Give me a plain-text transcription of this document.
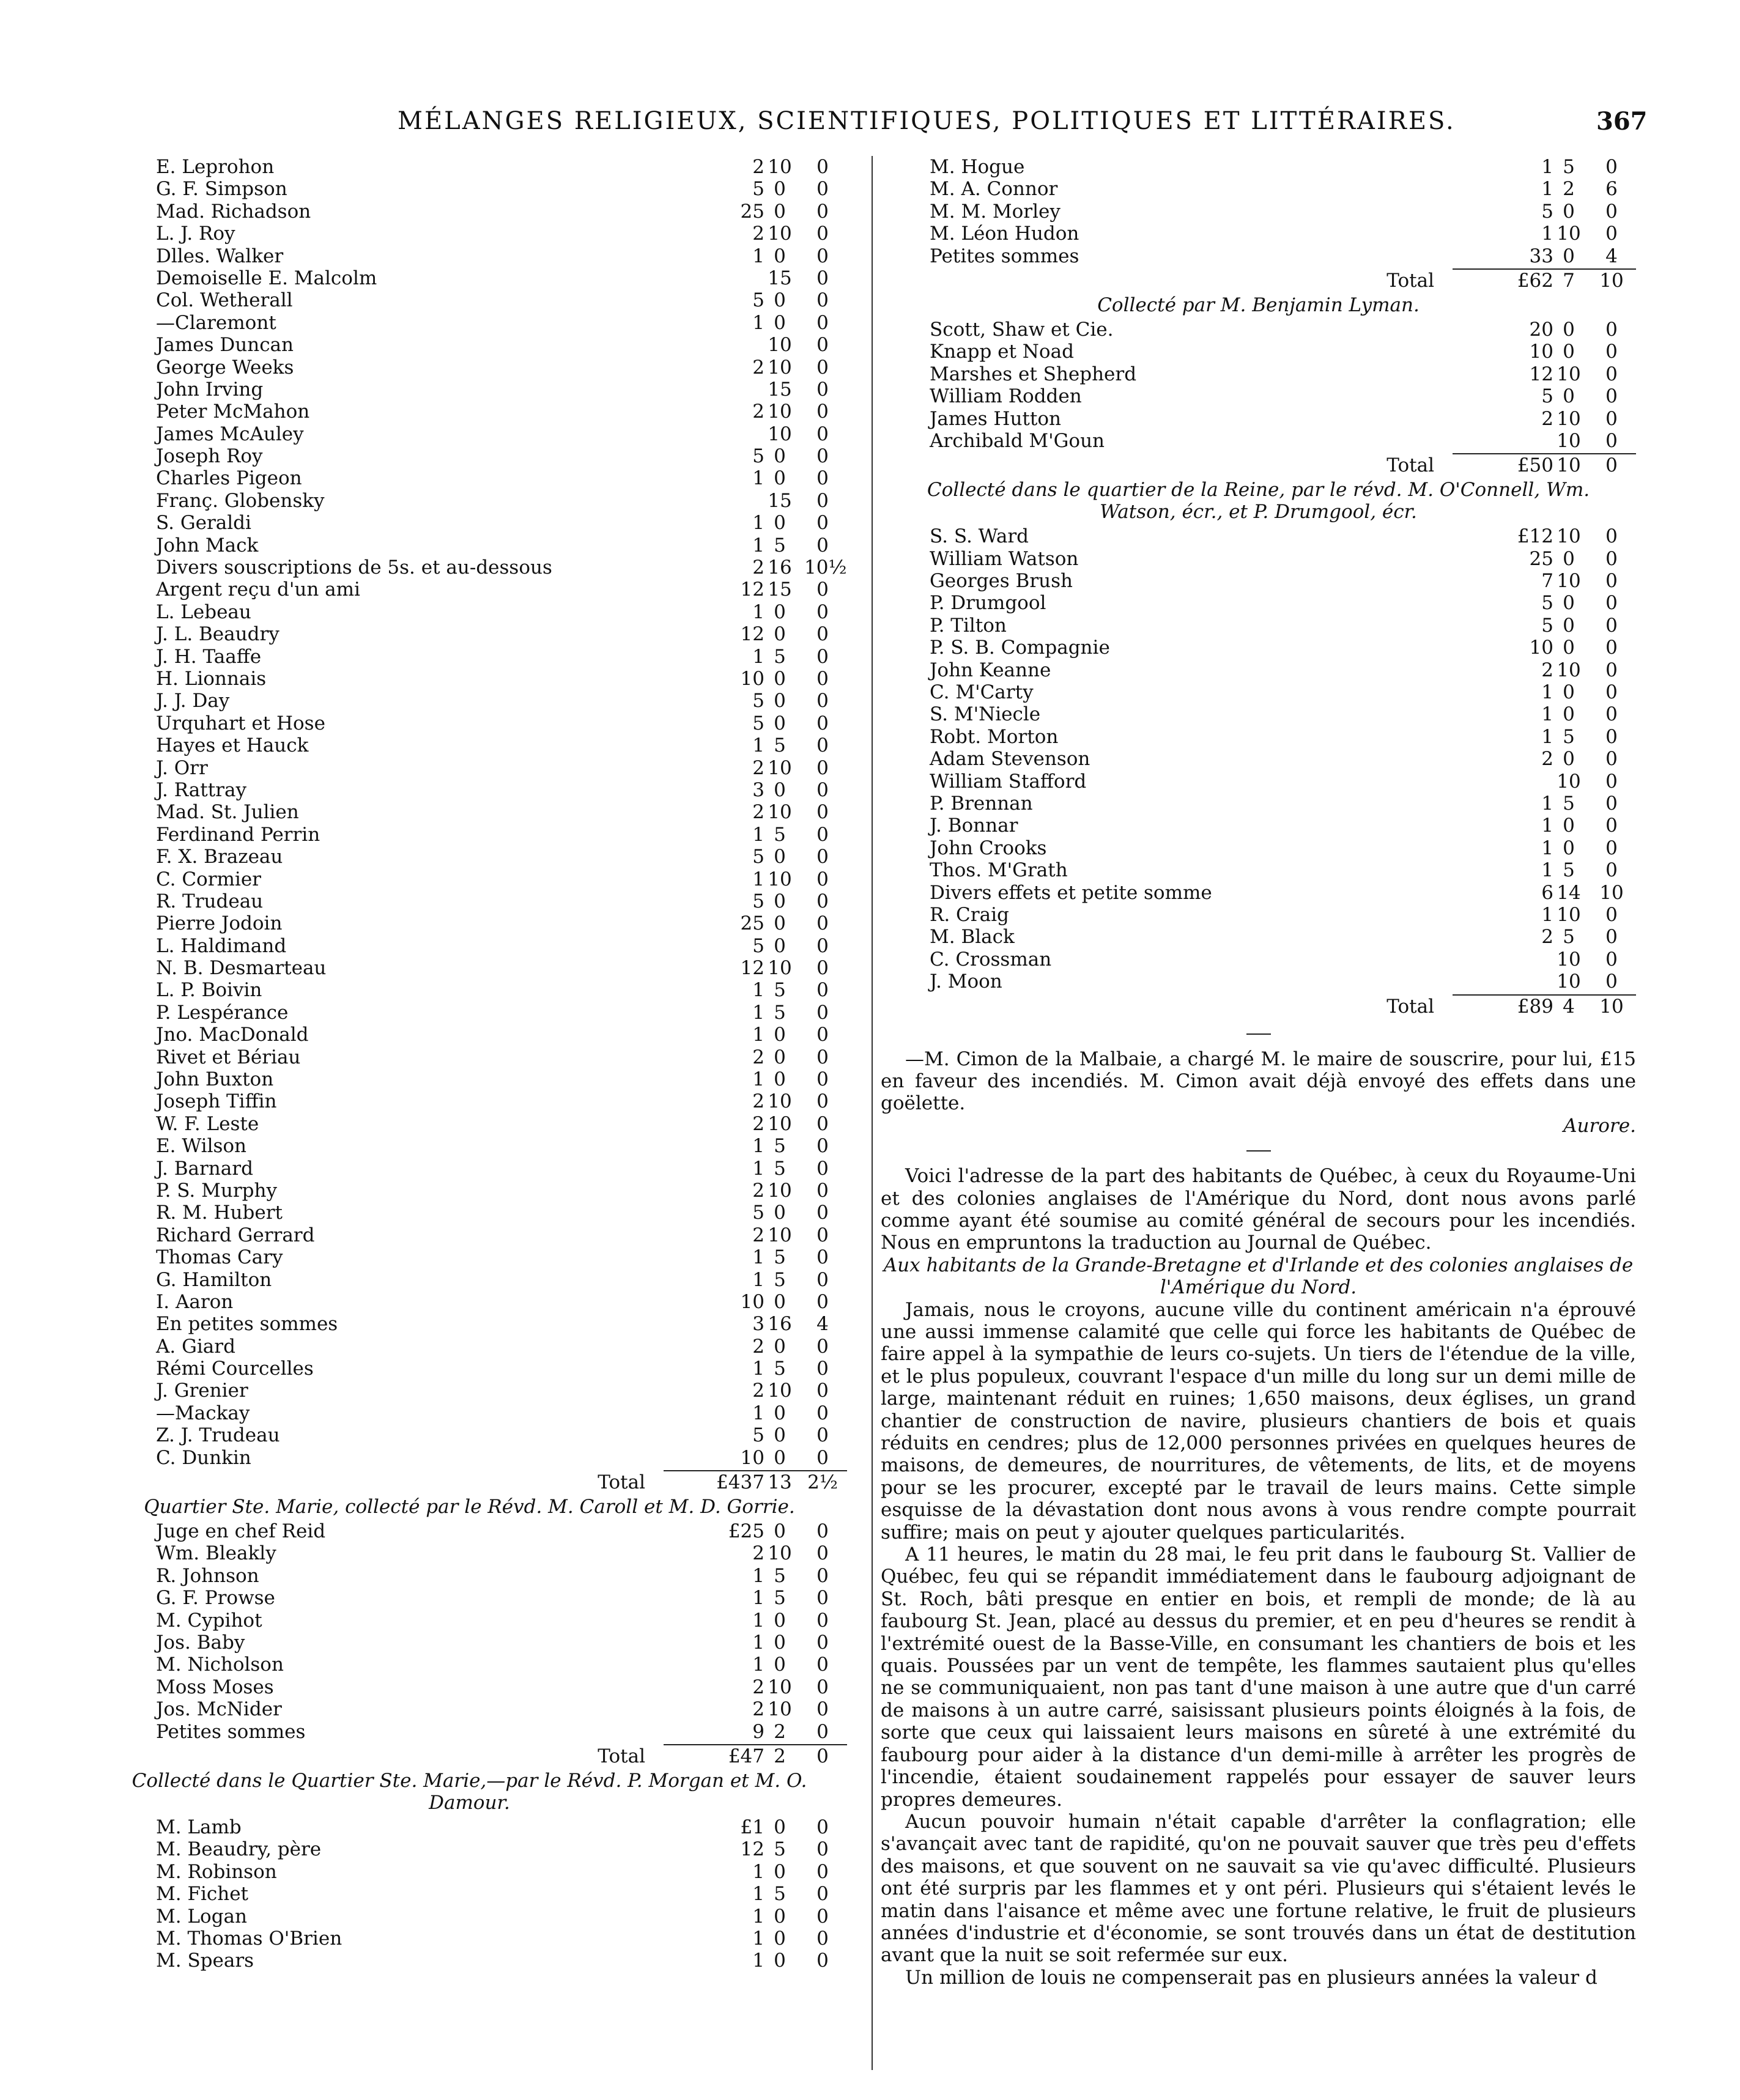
MÉLANGES RELIGIEUX, SCIENTIFIQUES, POLITIQUES ET LITTÉRAIRES.	367
E. Leprohon	2 10	0
G. F. Simpson	5 0	0
Mad. Richadson	25 0	0
L. J. Roy	2 10	0
Dlles. Walker	1 0	0
Demoiselle E. Malcolm	15	0
Col. Wetherall	5 0	0
—Claremont	1 0	0
James Duncan	10	0
George Weeks	2 10	0
John Irving	15	0
Peter McMahon	2 10	0
James McAuley	10	0
Joseph Roy	5 0	0
Charles Pigeon	1 0	0
Franç. Globensky	15	0
S. Geraldi	1 0	0
John Mack	1 5	0
Divers souscriptions de 5s. et au-dessous	2 16 10½
Argent reçu d'un ami	12 15	0
L. Lebeau	1 0	0
J. L. Beaudry	12 0	0
J. H. Taaffe	1 5	0
H. Lionnais	10 0	0
J. J. Day	5 0	0
Urquhart et Hose	5 0	0
Hayes et Hauck	1 5	0
J. Orr	2 10	0
J. Rattray	3 0	0
Mad. St. Julien	2 10	0
Ferdinand Perrin	1 5	0
F. X. Brazeau	5 0	0
C. Cormier	1 10	0
R. Trudeau	5 0	0
Pierre Jodoin	25 0	0
L. Haldimand	5 0	0
N. B. Desmarteau	12 10	0
L. P. Boivin	1 5	0
P. Lespérance	1 5	0
Jno. MacDonald	1 0	0
Rivet et Bériau	2 0	0
John Buxton	1 0	0
Joseph Tiffin	2 10	0
W. F. Leste	2 10	0
E. Wilson	1 5	0
J. Barnard	1 5	0
P. S. Murphy	2 10	0
R. M. Hubert	5 0	0
Richard Gerrard	2 10	0
Thomas Cary	1 5	0
G. Hamilton	1 5	0
I. Aaron	10 0	0
En petites sommes	3 16	4
A. Giard	2 0	0
Rémi Courcelles	1 5	0
J. Grenier	2 10	0
—Mackay	1 0	0
Z. J. Trudeau	5 0	0
C. Dunkin	10 0	0
Total	£437 13 2½
Quartier Ste. Marie, collecté par le Révd. M. Caroll et M. D. Gorrie.
Juge en chef Reid	£25 0	0
Wm. Bleakly	2 10	0
R. Johnson	1 5	0
G. F. Prowse	1 5	0
M. Cypihot	1 0	0
Jos. Baby	1 0	0
M. Nicholson	1 0	0
Moss Moses	2 10	0
Jos. McNider	2 10	0
Petites sommes	9 2	0
Total	£47 2	0
Collecté dans le Quartier Ste. Marie,—par le Révd. P. Morgan et M. O. Damour.
M. Lamb	£1 0	0
M. Beaudry, père	12 5	0
M. Robinson	1 0	0
M. Fichet	1 5	0
M. Logan	1 0	0
M. Thomas O'Brien	1 0	0
M. Spears	1 0	0
M. Hogue	1 5	0
M. A. Connor	1 2	6
M. M. Morley	5 0	0
M. Léon Hudon	1 10	0
Petites sommes	33 0	4
Total	£62 7	10
Collecté par M. Benjamin Lyman.
Scott, Shaw et Cie.	20 0	0
Knapp et Noad	10 0	0
Marshes et Shepherd	12 10	0
William Rodden	5 0	0
James Hutton	2 10	0
Archibald M'Goun	10	0
Total	£50 10	0
Collecté dans le quartier de la Reine, par le révd. M. O'Connell, Wm. Watson, écr., et P. Drumgool, écr.
S. S. Ward	£12 10	0
William Watson	25 0	0
Georges Brush	7 10	0
P. Drumgool	5 0	0
P. Tilton	5 0	0
P. S. B. Compagnie	10 0	0
John Keanne	2 10	0
C. M'Carty	1 0	0
S. M'Niecle	1 0	0
Robt. Morton	1 5	0
Adam Stevenson	2 0	0
William Stafford	10	0
P. Brennan	1 5	0
J. Bonnar	1 0	0
John Crooks	1 0	0
Thos. M'Grath	1 5	0
Divers effets et petite somme	6 14 10
R. Craig	1 10	0
M. Black	2 5	0
C. Crossman	10	0
J. Moon	10	0
Total	£89 4	10

—M. Cimon de la Malbaie, a chargé M. le maire de souscrire, pour lui, £15 en faveur des incendiés. M. Cimon avait déjà envoyé des effets dans une goëlette.

Aurore.

Voici l'adresse de la part des habitants de Québec, à ceux du Royaume-Uni et des colonies anglaises de l'Amérique du Nord, dont nous avons parlé comme ayant été soumise au comité général de secours pour les incendiés. Nous en empruntons la traduction au Journal de Québec.

Aux habitants de la Grande-Bretagne et d'Irlande et des colonies anglaises de l'Amérique du Nord.

Jamais, nous le croyons, aucune ville du continent américain n'a éprouvé une aussi immense calamité que celle qui force les habitants de Québec de faire appel à la sympathie de leurs co-sujets. Un tiers de l'étendue de la ville, et le plus populeux, couvrant l'espace d'un mille du long sur un demi mille de large, maintenant réduit en ruines; 1,650 maisons, deux églises, un grand chantier de construction de navire, plusieurs chantiers de bois et quais réduits en cendres; plus de 12,000 personnes privées en quelques heures de maisons, de demeures, de nourritures, de vêtements, de lits, et de moyens pour se les procurer, excepté par le travail de leurs mains. Cette simple esquisse de la dévastation dont nous avons à vous rendre compte pourrait suffire; mais on peut y ajouter quelques particularités.

A 11 heures, le matin du 28 mai, le feu prit dans le faubourg St. Vallier de Québec, feu qui se répandit immédiatement dans le faubourg adjoignant de St. Roch, bâti presque en entier en bois, et rempli de monde; de là au faubourg St. Jean, placé au dessus du premier, et en peu d'heures se rendit à l'extrémité ouest de la Basse-Ville, en consumant les chantiers de bois et les quais. Poussées par un vent de tempête, les flammes sautaient plus qu'elles ne se communiquaient, non pas tant d'une maison à une autre que d'un carré de maisons à un autre carré, saisissant plusieurs points éloignés à la fois, de sorte que ceux qui laissaient leurs maisons en sûreté à une extrémité du faubourg pour aider à la distance d'un demi-mille à arrêter les progrès de l'incendie, étaient soudainement rappelés pour essayer de sauver leurs propres demeures.

Aucun pouvoir humain n'était capable d'arrêter la conflagration; elle s'avançait avec tant de rapidité, qu'on ne pouvait sauver que très peu d'effets des maisons, et que souvent on ne sauvait sa vie qu'avec difficulté. Plusieurs ont été surpris par les flammes et y ont péri. Plusieurs qui s'étaient levés le matin dans l'aisance et même avec une fortune relative, le fruit de plusieurs années d'industrie et d'économie, se sont trouvés dans un état de destitution avant que la nuit se soit refermée sur eux.

Un million de louis ne compenserait pas en plusieurs années la valeur d
